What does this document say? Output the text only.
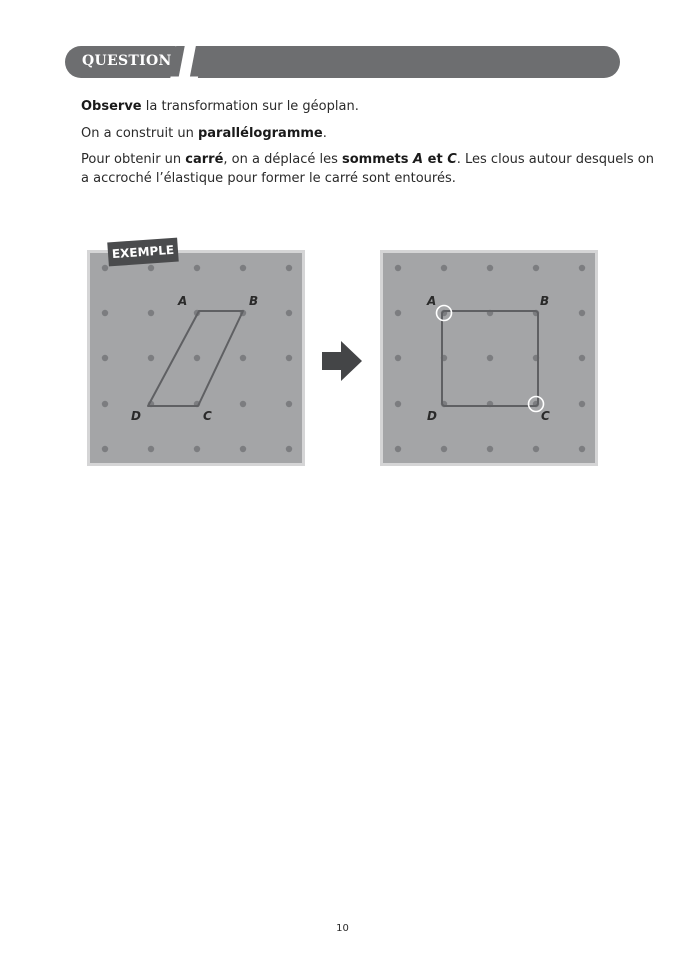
QUESTION
1

Observe la transformation sur le géoplan.

On a construit un parallélogramme.

Pour obtenir un carré, on a déplacé les sommets A et C. Les clous autour desquels on

a accroché l’élastique pour former le carré sont entourés.

EXEMPLE
A	B
D	C
A	B
D	C
10
